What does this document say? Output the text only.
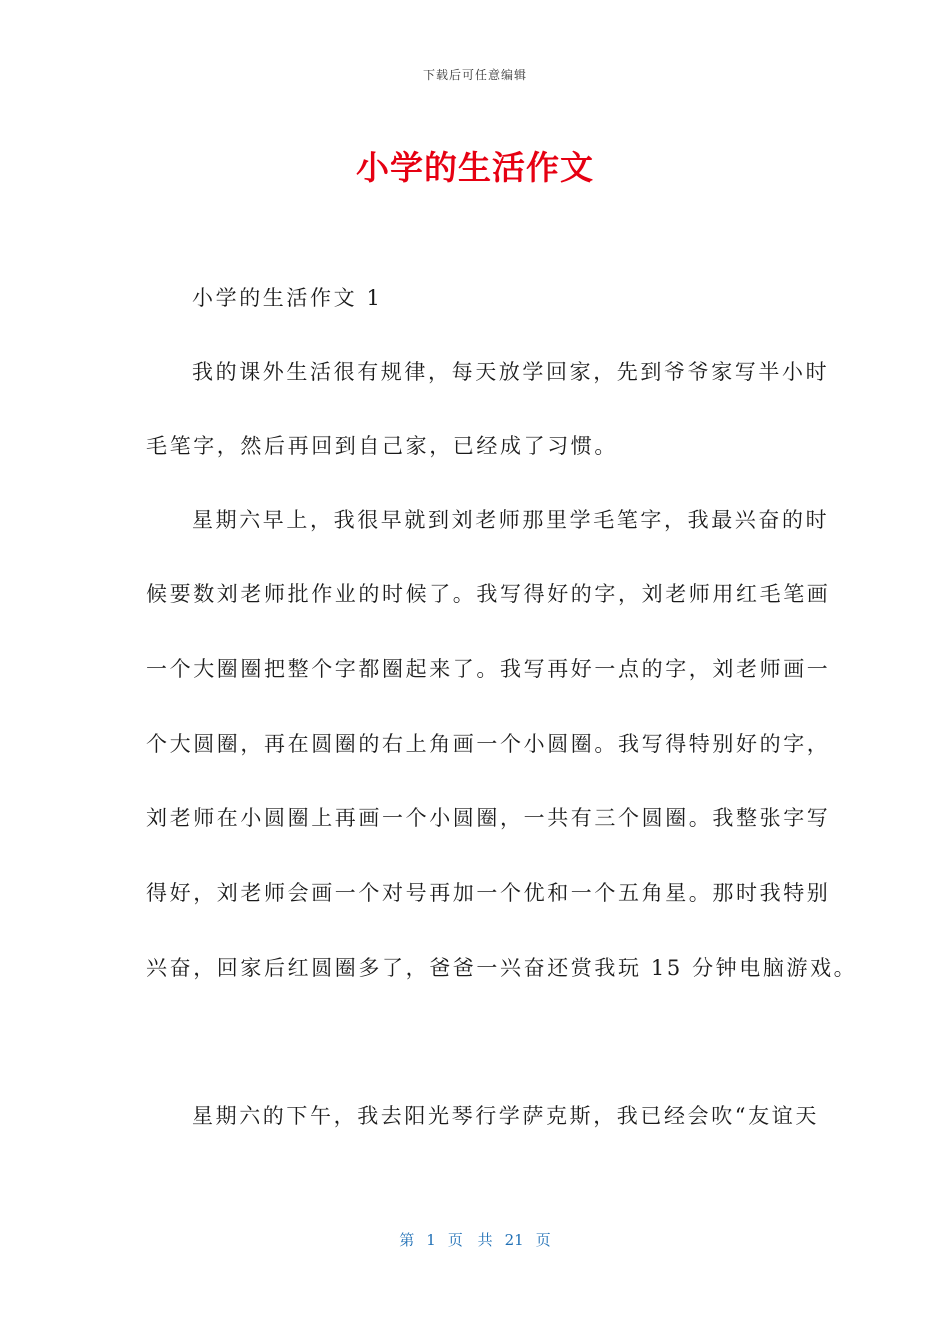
下载后可任意编辑
小学的生活作文
小学的生活作文 1
我的课外生活很有规律，每天放学回家，先到爷爷家写半小时
毛笔字，然后再回到自己家，已经成了习惯。
星期六早上，我很早就到刘老师那里学毛笔字，我最兴奋的时
候要数刘老师批作业的时候了。我写得好的字，刘老师用红毛笔画
一个大圈圈把整个字都圈起来了。我写再好一点的字，刘老师画一
个大圆圈，再在圆圈的右上角画一个小圆圈。我写得特别好的字，
刘老师在小圆圈上再画一个小圆圈，一共有三个圆圈。我整张字写
得好，刘老师会画一个对号再加一个优和一个五角星。那时我特别
兴奋，回家后红圆圈多了，爸爸一兴奋还赏我玩 15 分钟电脑游戏。
星期六的下午，我去阳光琴行学萨克斯，我已经会吹“友谊天
第 1 页 共 21 页
